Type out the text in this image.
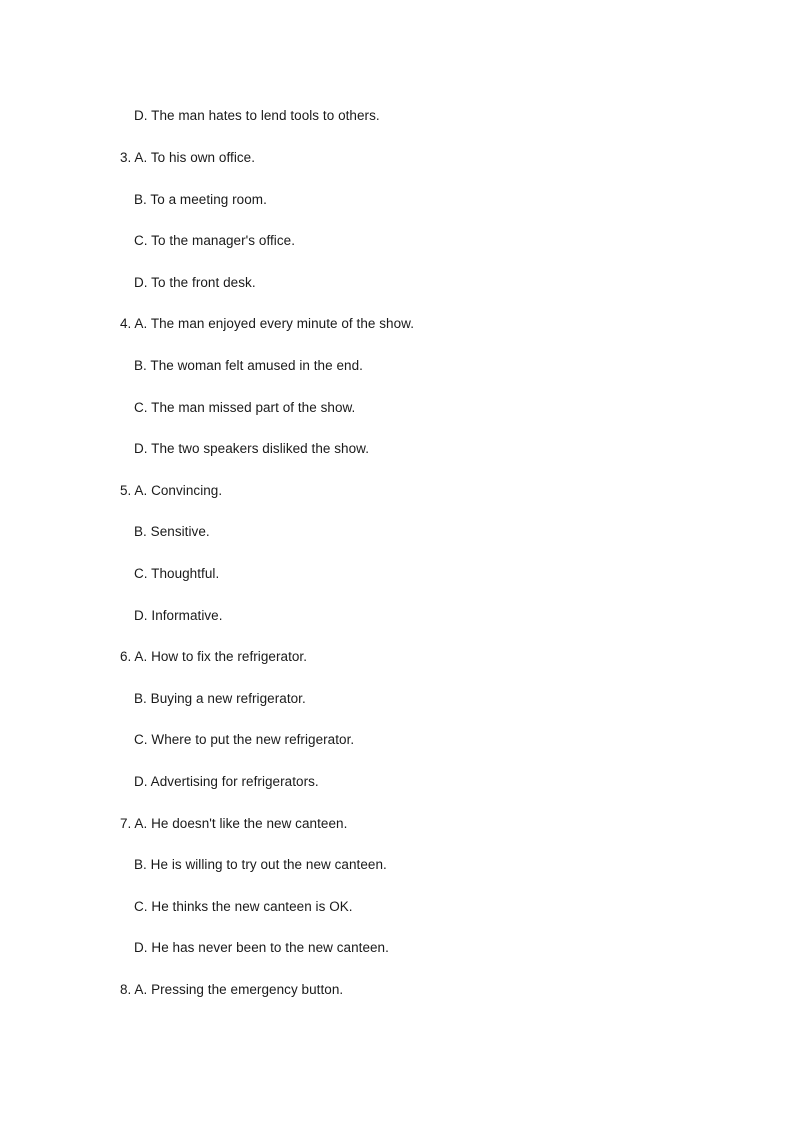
D. The man hates to lend tools to others.
3. A. To his own office.
B. To a meeting room.
C. To the manager's office.
D. To the front desk.
4. A. The man enjoyed every minute of the show.
B. The woman felt amused in the end.
C. The man missed part of the show.
D. The two speakers disliked the show.
5. A. Convincing.
B. Sensitive.
C. Thoughtful.
D. Informative.
6. A. How to fix the refrigerator.
B. Buying a new refrigerator.
C. Where to put the new refrigerator.
D. Advertising for refrigerators.
7. A. He doesn't like the new canteen.
B. He is willing to try out the new canteen.
C. He thinks the new canteen is OK.
D. He has never been to the new canteen.
8. A. Pressing the emergency button.
